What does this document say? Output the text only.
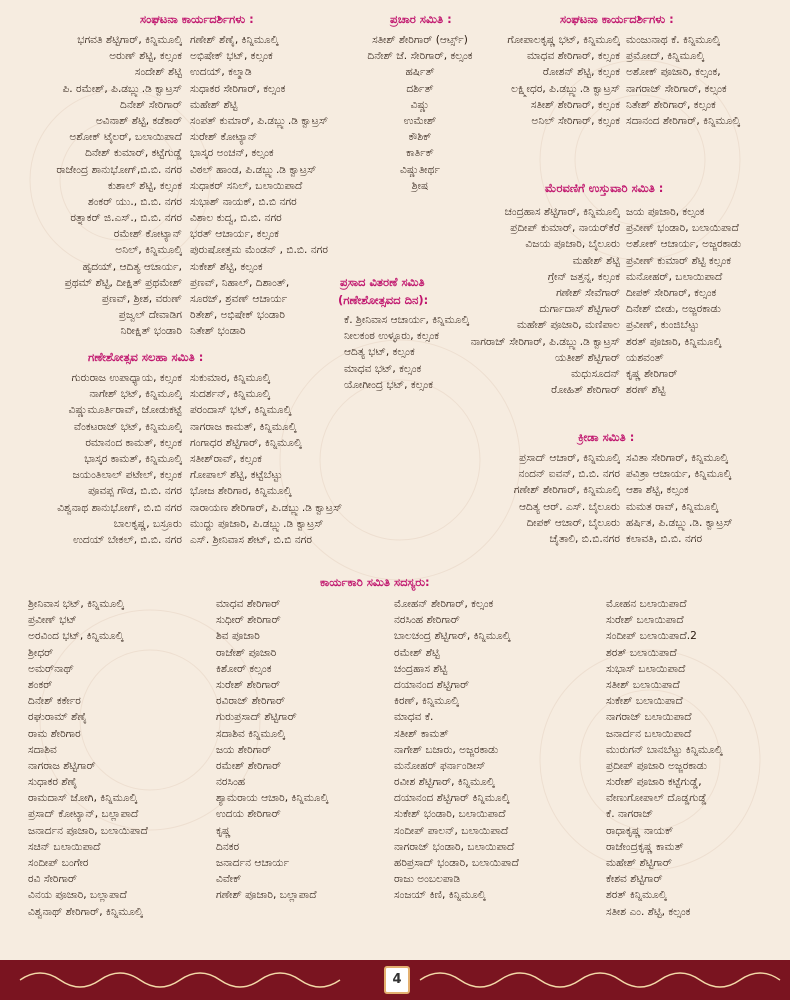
ಸಂಘಟನಾ ಕಾರ್ಯದರ್ಶಿಗಳು :
ಭಗವತಿ ಶೆಟ್ಟಿಗಾರ್, ಕಿನ್ನಿಮೂಲ್ಕಿ
ಅರುಣ್ ಶೆಟ್ಟಿ, ಕಲ್ಸಂಕ
ಸಂದೇಶ್ ಶೆಟ್ಟಿ
ಪಿ. ರಮೇಶ್, ಪಿ.ಡಬ್ಲ್ಯು.ಡಿ ಕ್ವಾಟ್ರಸ್
ದಿನೇಶ್ ಸೇರಿಗಾರ್
ಅವಿನಾಶ್ ಶೆಟ್ಟಿ, ಕಡೆಕಾರ್
ಅಶೋಕ್ ಟೈಲರ್, ಬಲಾಯಿಪಾದೆ
ದಿನೇಶ್ ಕುಮಾರ್, ಕಟ್ಟೆಗುಡ್ಡೆ
ರಾಜೇಂದ್ರ ಶಾನುಭೋಗ್,ಬಿ.ಬಿ. ನಗರ
ಕುಶಾಲ್ ಶೆಟ್ಟಿ, ಕಲ್ಸಂಕ
ಶಂಕರ್ ಯು., ಬಿ.ಬಿ. ನಗರ
ರತ್ನಾಕರ್ ಜಿ.ಎಸ್., ಬಿ.ಬಿ. ನಗರ
ರಮೇಶ್ ಕೋಟ್ಯಾನ್
ಅನಿಲ್, ಕಿನ್ನಿಮೂಲ್ಕಿ
ಹೃದಯ್, ಆದಿತ್ಯ ಆಚಾರ್ಯ,
ಪ್ರಥಮ್ ಶೆಟ್ಟಿ, ದೀಕ್ಷಿತ್ ಪ್ರಥಮೇಶ್
ಪ್ರಣವ್, ಶ್ರೀಶ, ವರುಣ್
ಪ್ರಜ್ವಲ್ ದೇವಾಡಿಗ
ನಿರೀಕ್ಷಿತ್ ಭಂಡಾರಿ
ಗಣೇಶ್ ಶೆಣೈ, ಕಿನ್ನಿಮೂಲ್ಕಿ
ಅಭಿಷೇಕ್ ಭಟ್, ಕಲ್ಸಂಕ
ಉದಯ್, ಕಲ್ಮಾಡಿ
ಸುಧಾಕರ ಸೇರಿಗಾರ್, ಕಲ್ಸಂಕ
ಮಹೇಶ್ ಶೆಟ್ಟಿ
ಸಂಪತ್ ಕುಮಾರ್, ಪಿ.ಡಬ್ಲ್ಯು.ಡಿ ಕ್ವಾಟ್ರಸ್
ಸುರೇಶ್ ಕೋಟ್ಯಾನ್
ಭಾಸ್ಕರ ಅಂಚನ್, ಕಲ್ಸಂಕ
ವಿಠಲ್ ಹಾಂಡ, ಪಿ.ಡಬ್ಲ್ಯು.ಡಿ ಕ್ವಾಟ್ರಸ್
ಸುಧಾಕರ್ ಸನಿಲ್, ಬಲಾಯಿಪಾದೆ
ಸುಭಾಶ್ ನಾಯಕ್, ಬಿ.ಬಿ ನಗರ
ವಿಶಾಲ ಕುದ್ವ, ಬಿ.ಬಿ. ನಗರ
ಭರತ್ ಆಚಾರ್ಯ, ಕಲ್ಸಂಕ
ಪುರುಷೋತ್ತಮ ಮೆಂಡನ್ , ಬಿ.ಬಿ. ನಗರ
ಸುಕೇಶ್ ಶೆಟ್ಟಿ, ಕಲ್ಸಂಕ
ಪ್ರಣವ್, ನಿಹಾಲ್, ದಿಶಾಂತ್,
ಸೂರಜ್, ಶ್ರವಣ್ ಆಚಾರ್ಯ
ರಿತೇಶ್, ಅಭಿಷೇಕ್ ಭಂಡಾರಿ
ನಿತೇಶ್ ಭಂಡಾರಿ
ಪ್ರಚಾರ ಸಮಿತಿ :
ಸತೀಶ್ ಶೇರಿಗಾರ್ (ಆರ್ಟ್ಸ್)
ದಿನೇಶ್ ಜೆ. ಸೇರಿಗಾರ್, ಕಲ್ಸಂಕ
ಹರ್ಷಿತ್
ದರ್ಶಿತ್
ವಿಷ್ಣು
ಉಮೇಶ್
ಕೌಶಿಕ್
ಕಾರ್ತಿಕ್
ವಿಷ್ಣುತೀರ್ಥ
ಶ್ರೀಷ
ಸಂಘಟನಾ ಕಾರ್ಯದರ್ಶಿಗಳು :
ಗೋಪಾಲಕೃಷ್ಣ ಭಟ್, ಕಿನ್ನಿಮೂಲ್ಕಿ
ಮಾಧವ ಶೇರಿಗಾರ್, ಕಲ್ಸಂಕ
ರೋಶನ್ ಶೆಟ್ಟಿ, ಕಲ್ಸಂಕ
ಲಕ್ಷ್ಮೀಧರ, ಪಿ.ಡಬ್ಲ್ಯು.ಡಿ ಕ್ವಾಟ್ರಸ್
ಸತೀಶ್ ಶೇರಿಗಾರ್, ಕಲ್ಸಂಕ
ಅನಿಲ್ ಸೇರಿಗಾರ್, ಕಲ್ಸಂಕ
ಮಂಜುನಾಥ ಕೆ. ಕಿನ್ನಿಮೂಲ್ಕಿ
ಪ್ರಮೋದ್, ಕಿನ್ನಿಮೂಲ್ಕಿ
ಅಶೋಕ್ ಪೂಜಾರಿ, ಕಲ್ಸಂಕ,
ನಾಗರಾಜ್ ಸೇರಿಗಾರ್, ಕಲ್ಸಂಕ
ನಿತೇಶ್ ಶೇರಿಗಾರ್, ಕಲ್ಸಂಕ
ಸದಾನಂದ ಶೇರಿಗಾರ್, ಕಿನ್ನಿಮೂಲ್ಕಿ
ಮೆರವಣಿಗೆ ಉಸ್ತುವಾರಿ ಸಮಿತಿ :
ಚಂದ್ರಹಾಸ ಶೆಟ್ಟಿಗಾರ್, ಕಿನ್ನಿಮೂಲ್ಕಿ
ಪ್ರದೀಪ್ ಕುಮಾರ್, ನಾಯರ್‌ಕೆರೆ
ವಿಜಯ ಪೂಜಾರಿ, ಬೈಲೂರು
ಮಹೇಶ್ ಶೆಟ್ಟಿ
ಗ್ರೇನ್ ಜತ್ತನ್ನ, ಕಲ್ಸಂಕ
ಗಣೇಶ್ ಸೇವೆಗಾರ್
ದುರ್ಗಾದಾಸ್ ಶೆಟ್ಟಿಗಾರ್
ಮಹೇಶ್ ಪೂಜಾರಿ, ಮಣಿಪಾಲ
ನಾಗರಾಜ್ ಸೇರಿಗಾರ್, ಪಿ.ಡಬ್ಲ್ಯು.ಡಿ ಕ್ವಾಟ್ರಸ್
ಯತೀಶ್ ಶೆಟ್ಟಿಗಾರ್
ಮಧುಸೂದನ್
ರೋಹಿತ್ ಶೇರಿಗಾರ್
ಜಯ ಪೂಜಾರಿ, ಕಲ್ಸಂಕ
ಪ್ರವೀಣ್ ಭಂಡಾರಿ, ಬಲಾಯಿಪಾದೆ
ಅಶೋಕ್ ಆಚಾರ್ಯ, ಅಜ್ಜರಕಾಡು
ಪ್ರವೀಣ್ ಕುಮಾರ್ ಶೆಟ್ಟಿ ಕಲ್ಸಂಕ
ಮನೋಹರ್, ಬಲಾಯಿಪಾದೆ
ದೀಪಕ್ ಸೇರಿಗಾರ್, ಕಲ್ಸಂಕ
ದಿನೇಶ್ ಬೀಡು, ಅಜ್ಜರಕಾಡು
ಪ್ರವೀಣ್, ಕುಂಜಿಬೆಟ್ಟು
ಶರತ್ ಪೂಜಾರಿ, ಕಿನ್ನಿಮೂಲ್ಕಿ
ಯಶವಂತ್
ಕೃಷ್ಣ ಶೇರಿಗಾರ್
ಶರಣ್ ಶೆಟ್ಟಿ
ಪ್ರಸಾದ ವಿತರಣೆ ಸಮಿತಿ
(ಗಣೇಶೋತ್ಸವದ ದಿನ):
ಕೆ. ಶ್ರೀನಿವಾಸ ಆಚಾರ್ಯ, ಕಿನ್ನಿಮೂಲ್ಕಿ
ನೀಲಕಂಠ ಉಳ್ಳೂರು, ಕಲ್ಸಂಕ
ಆದಿತ್ಯ ಭಟ್, ಕಲ್ಸಂಕ
ಮಾಧವ ಭಟ್, ಕಲ್ಸಂಕ
ಯೋಗೀಂದ್ರ ಭಟ್, ಕಲ್ಸಂಕ
ಗಣೇಶೋತ್ಸವ ಸಲಹಾ ಸಮಿತಿ :
ಗುರುರಾಜ ಉಪಾಧ್ಯಾಯ, ಕಲ್ಸಂಕ
ನಾಗೇಶ್ ಭಟ್, ಕಿನ್ನಿಮೂಲ್ಕಿ
ವಿಷ್ಣುಮೂರ್ತಿರಾವ್, ಜೋಡುಕಟ್ಟೆ
ವೆಂಕಟರಾಜ್ ಭಟ್, ಕಿನ್ನಿಮೂಲ್ಕಿ
ರಮಾನಂದ ಕಾಮತ್, ಕಲ್ಸಂಕ
ಭಾಸ್ಕರ ಕಾಮತ್, ಕಿನ್ನಿಮೂಲ್ಕಿ
ಜಯಂತಿಲಾಲ್ ಪಟೇಲ್, ಕಲ್ಸಂಕ
ಪೂವಪ್ಪ ಗೌಡ, ಬಿ.ಬಿ. ನಗರ
ವಿಶ್ವನಾಥ ಶಾನುಭೋಗ್, ಬಿ.ಬಿ ನಗರ
ಬಾಲಕೃಷ್ಣ, ಬಸ್ರೂರು
ಉದಯ್ ಬೇಕಲ್, ಬಿ.ಬಿ. ನಗರ
ಸುಕುಮಾರ, ಕಿನ್ನಿಮೂಲ್ಕಿ
ಸುದರ್ಶನ್, ಕಿನ್ನಿಮೂಲ್ಕಿ
ಪರಂದಾಸ್ ಭಟ್, ಕಿನ್ನಿಮೂಲ್ಕಿ
ನಾಗರಾಜ ಕಾಮತ್, ಕಿನ್ನಿಮೂಲ್ಕಿ
ಗಂಗಾಧರ ಶೆಟ್ಟಿಗಾರ್, ಕಿನ್ನಿಮೂಲ್ಕಿ
ಸತೀಶ್‌ರಾವ್, ಕಲ್ಸಂಕ
ಗೋಪಾಲ್ ಶೆಟ್ಟಿ, ಕಟ್ಟೆಬೆಟ್ಟು
ಭೋಜ ಶೇರಿಗಾರ, ಕಿನ್ನಿಮೂಲ್ಕಿ
ನಾರಾಯಣ ಶೇರಿಗಾರ್, ಪಿ.ಡಬ್ಲ್ಯು.ಡಿ ಕ್ವಾಟ್ರಸ್
ಮುದ್ದು ಪೂಜಾರಿ, ಪಿ.ಡಬ್ಲ್ಯು.ಡಿ ಕ್ವಾಟ್ರಸ್
ಎಸ್. ಶ್ರೀನಿವಾಸ ಶೇಟ್, ಬಿ.ಬಿ ನಗರ
ಕ್ರೀಡಾ ಸಮಿತಿ :
ಪ್ರಸಾದ್ ಆಚಾರ್, ಕಿನ್ನಿಮೂಲ್ಕಿ
ನಂದನ್ ಐವನ್, ಬಿ.ಬಿ. ನಗರ
ಗಣೇಶ್ ಶೇರಿಗಾರ್, ಕಿನ್ನಿಮೂಲ್ಕಿ
ಆದಿತ್ಯ ಆರ್. ಎಸ್. ಬೈಲೂರು
ದೀಪಕ್ ಆಚಾರ್, ಬೈಲೂರು
ಚೈತಾಲಿ, ಬಿ.ಬಿ.ನಗರ
ಸವಿತಾ ಸೇರಿಗಾರ್, ಕಿನ್ನಿಮೂಲ್ಕಿ
ಪವಿತ್ರಾ ಆಚಾರ್ಯ, ಕಿನ್ನಿಮೂಲ್ಕಿ
ಆಶಾ ಶೆಟ್ಟಿ, ಕಲ್ಸಂಕ
ಮಮತ ರಾವ್, ಕಿನ್ನಿಮೂಲ್ಕಿ
ಹರ್ಷಿತ, ಪಿ.ಡಬ್ಲ್ಯು.ಡಿ. ಕ್ವಾಟ್ರಸ್
ಕಲಾವತಿ, ಬಿ.ಬಿ. ನಗರ
ಕಾರ್ಯಕಾರಿ ಸಮಿತಿ ಸದಸ್ಯರು:
ಶ್ರೀನಿವಾಸ ಭಟ್, ಕಿನ್ನಿಮೂಲ್ಕಿ
ಪ್ರವೀಣ್ ಭಟ್
ಅರವಿಂದ ಭಟ್, ಕಿನ್ನಿಮೂಲ್ಕಿ
ಶ್ರೀಧರ್
ಅಮರ್‌ನಾಥ್
ಶಂಕರ್
ದಿನೇಶ್ ಕರ್ಕೇರ
ರಘುರಾಮ್ ಶೆಣೈ
ರಾಮ ಶೇರಿಗಾರ
ಸದಾಶಿವ
ನಾಗರಾಜ ಶೆಟ್ಟಿಗಾರ್
ಸುಧಾಕರ ಶೆಣೈ
ರಾಮದಾಸ್ ಜೋಗಿ, ಕಿನ್ನಿಮೂಲ್ಕಿ
ಪ್ರಸಾದ್ ಕೋಟ್ಯಾನ್, ಬಲ್ಲಾಪಾದೆ
ಜನಾರ್ದನ ಪೂಜಾರಿ, ಬಲಾಯಿಪಾದೆ
ಸಚಿನ್ ಬಲಾಯಿಪಾದೆ
ಸಂದೀಪ್ ಬಂಗೇರ
ರವಿ ಸೇರಿಗಾರ್
ವಿನಯ ಪೂಜಾರಿ, ಬಲ್ಲಾಪಾದೆ
ವಿಶ್ವನಾಥ್ ಶೇರಿಗಾರ್, ಕಿನ್ನಿಮೂಲ್ಕಿ
ಮಾಧವ ಶೇರಿಗಾರ್
ಸುಧೀರ್ ಶೇರಿಗಾರ್
ಶಿವ ಪೂಜಾರಿ
ರಾಜೇಶ್ ಪೂಜಾರಿ
ಕಿಶೋರ್ ಕಲ್ಸಂಕ
ಸುರೇಶ್ ಶೇರಿಗಾರ್
ರವಿರಾಜ್ ಶೇರಿಗಾರ್
ಗುರುಪ್ರಸಾದ್ ಶೆಟ್ಟಿಗಾರ್
ಸದಾಶಿವ ಕಿನ್ನಿಮೂಲ್ಕಿ
ಜಯ ಶೇರಿಗಾರ್
ರಮೇಶ್ ಶೇರಿಗಾರ್
ನರಸಿಂಹ
ಶ್ಯಾಮರಾಯ ಆಚಾರಿ, ಕಿನ್ನಿಮೂಲ್ಕಿ
ಉದಯ ಶೇರಿಗಾರ್
ಕೃಷ್ಣ
ದಿನಕರ
ಜನಾರ್ದನ ಆಚಾರ್ಯ
ವಿವೇಕ್
ಗಣೇಶ್ ಪೂಜಾರಿ, ಬಲ್ಲಾಪಾದೆ
ಮೋಹನ್ ಶೇರಿಗಾರ್, ಕಲ್ಸಂಕ
ನರಸಿಂಹ ಶೇರಿಗಾರ್
ಬಾಲಚಂದ್ರ ಶೆಟ್ಟಿಗಾರ್, ಕಿನ್ನಿಮೂಲ್ಕಿ
ರಮೇಶ್ ಶೆಟ್ಟಿ
ಚಂದ್ರಹಾಸ ಶೆಟ್ಟಿ
ದಯಾನಂದ ಶೆಟ್ಟಿಗಾರ್
ಕಿರಣ್, ಕಿನ್ನಿಮೂಲ್ಕಿ
ಮಾಧವ ಕೆ.
ಸತೀಶ್ ಕಾಮತ್
ನಾಗೇಶ್ ಬಜಾರು, ಅಜ್ಜರಕಾಡು
ಮನೋಹರ್ ಫರ್ನಾಂಡೀಸ್
ರವೀಶ ಶೆಟ್ಟಿಗಾರ್, ಕಿನ್ನಿಮೂಲ್ಕಿ
ದಯಾನಂದ ಶೆಟ್ಟಿಗಾರ್ ಕಿನ್ನಿಮೂಲ್ಕಿ
ಸುಕೇಶ್ ಭಂಡಾರಿ, ಬಲಾಯಿಪಾದೆ
ಸಂದೀಪ್ ಪಾಲನ್, ಬಲಾಯಿಪಾದೆ
ನಾಗರಾಜ್ ಭಂಡಾರಿ, ಬಲಾಯಿಪಾದೆ
ಹರಿಪ್ರಸಾದ್ ಭಂಡಾರಿ, ಬಲಾಯಿಪಾದೆ
ರಾಜು ಅಂಬಲಪಾಡಿ
ಸಂಜಯ್ ಕಿಣಿ, ಕಿನ್ನಿಮೂಲ್ಕಿ
ಮೋಹನ ಬಲಾಯಿಪಾದೆ
ಸುರೇಶ್ ಬಲಾಯಿಪಾದೆ
ಸಂದೀಪ್ ಬಲಾಯಿಪಾದೆ.2
ಶರತ್ ಬಲಾಯಿಪಾದೆ
ಸುಭಾಸ್ ಬಲಾಯಿಪಾದೆ
ಸತೀಶ್ ಬಲಾಯಿಪಾದೆ
ಸುಕೇಶ್ ಬಲಾಯಿಪಾದೆ
ನಾಗರಾಜ್ ಬಲಾಯಿಪಾದೆ
ಜನಾರ್ದನ ಬಲಾಯಿಪಾದೆ
ಮುರುಗನ್ ಬಾನಬೆಟ್ಟು ಕಿನ್ನಿಮೂಲ್ಕಿ
ಪ್ರದೀಪ್ ಪೂಜಾರಿ ಅಜ್ಜರಕಾಡು
ಸುರೇಶ್ ಪೂಜಾರಿ ಕಟ್ಟೆಗುಡ್ಡೆ,
ವೇಣುಗೋಪಾಲ್ ದೊಡ್ಡಗುಡ್ಡೆ
ಕೆ. ನಾಗರಾಜ್
ರಾಧಾಕೃಷ್ಣ ನಾಯಕ್
ರಾಜೇಂದ್ರಕೃಷ್ಣ ಕಾಮತ್
ಮಹೇಶ್ ಶೆಟ್ಟಿಗಾರ್
ಕೇಶವ ಶೆಟ್ಟಿಗಾರ್
ಶರತ್ ಕಿನ್ನಿಮೂಲ್ಕಿ
ಸತೀಶ ಎಂ. ಶೆಟ್ಟಿ, ಕಲ್ಸಂಕ
4
